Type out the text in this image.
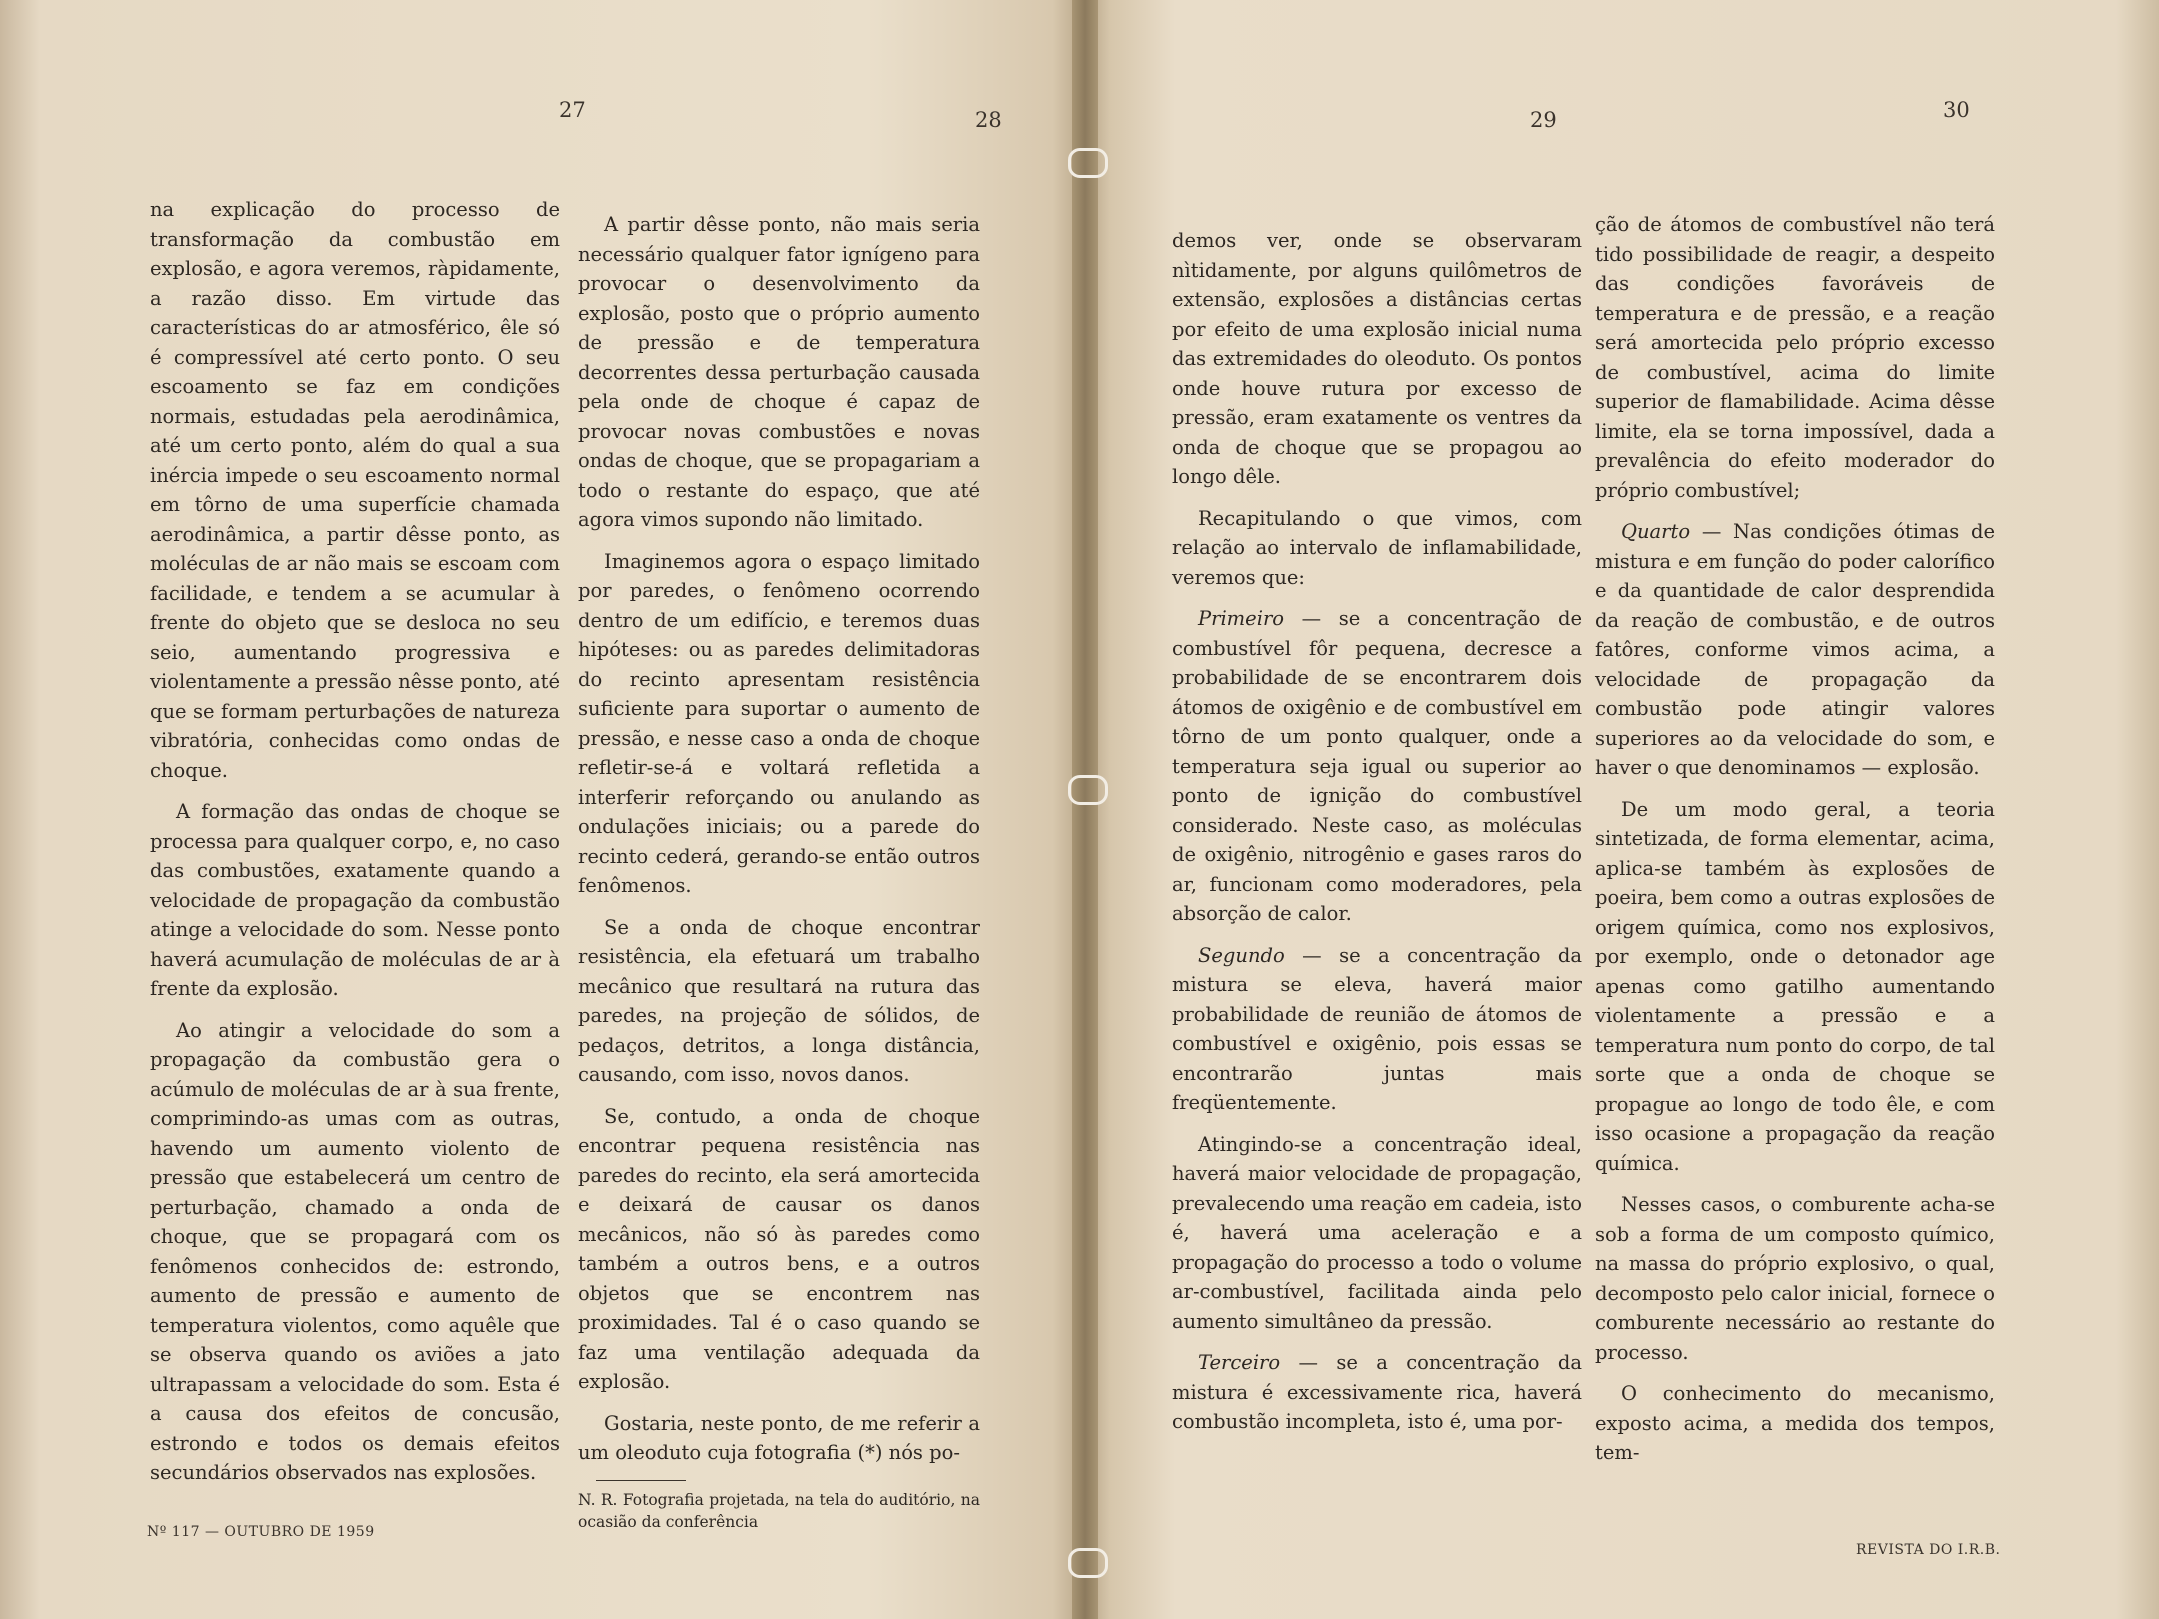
27	28	29	30

na explicação do processo de transformação da combustão em explosão, e agora veremos, ràpidamente, a razão disso. Em virtude das características do ar atmosférico, êle só é compressível até certo ponto. O seu escoamento se faz em condições normais, estudadas pela aerodinâmica, até um certo ponto, além do qual a sua inércia impede o seu escoamento normal em tôrno de uma superfície chamada aerodinâmica, a partir dêsse ponto, as moléculas de ar não mais se escoam com facilidade, e tendem a se acumular à frente do objeto que se desloca no seu seio, aumentando progressiva e violentamente a pressão nêsse ponto, até que se formam perturbações de natureza vibratória, conhecidas como ondas de choque.

A formação das ondas de choque se processa para qualquer corpo, e, no caso das combustões, exatamente quando a velocidade de propagação da combustão atinge a velocidade do som. Nesse ponto haverá acumulação de moléculas de ar à frente da explosão.

Ao atingir a velocidade do som a propagação da combustão gera o acúmulo de moléculas de ar à sua frente, comprimindo-as umas com as outras, havendo um aumento violento de pressão que estabelecerá um centro de perturbação, chamado a onda de choque, que se propagará com os fenômenos conhecidos de: estrondo, aumento de pressão e aumento de temperatura violentos, como aquêle que se observa quando os aviões a jato ultrapassam a velocidade do som. Esta é a causa dos efeitos de concusão, estrondo e todos os demais efeitos secundários observados nas explosões.

A partir dêsse ponto, não mais seria necessário qualquer fator ignígeno para provocar o desenvolvimento da explosão, posto que o próprio aumento de pressão e de temperatura decorrentes dessa perturbação causada pela onde de choque é capaz de provocar novas combustões e novas ondas de choque, que se propagariam a todo o restante do espaço, que até agora vimos supondo não limitado.

Imaginemos agora o espaço limitado por paredes, o fenômeno ocorrendo dentro de um edifício, e teremos duas hipóteses: ou as paredes delimitadoras do recinto apresentam resistência suficiente para suportar o aumento de pressão, e nesse caso a onda de choque refletir-se-á e voltará refletida a interferir reforçando ou anulando as ondulações iniciais; ou a parede do recinto cederá, gerando-se então outros fenômenos.

Se a onda de choque encontrar resistência, ela efetuará um trabalho mecânico que resultará na rutura das paredes, na projeção de sólidos, de pedaços, detritos, a longa distância, causando, com isso, novos danos.

Se, contudo, a onda de choque encontrar pequena resistência nas paredes do recinto, ela será amortecida e deixará de causar os danos mecânicos, não só às paredes como também a outros bens, e a outros objetos que se encontrem nas proximidades. Tal é o caso quando se faz uma ventilação adequada da explosão.

Gostaria, neste ponto, de me referir a um oleoduto cuja fotografia (*) nós po-

N. R. Fotografia projetada, na tela do auditório, na ocasião da conferência

demos ver, onde se observaram nìtidamente, por alguns quilômetros de extensão, explosões a distâncias certas por efeito de uma explosão inicial numa das extremidades do oleoduto. Os pontos onde houve rutura por excesso de pressão, eram exatamente os ventres da onda de choque que se propagou ao longo dêle.

Recapitulando o que vimos, com relação ao intervalo de inflamabilidade, veremos que:

Primeiro — se a concentração de combustível fôr pequena, decresce a probabilidade de se encontrarem dois átomos de oxigênio e de combustível em tôrno de um ponto qualquer, onde a temperatura seja igual ou superior ao ponto de ignição do combustível considerado. Neste caso, as moléculas de oxigênio, nitrogênio e gases raros do ar, funcionam como moderadores, pela absorção de calor.

Segundo — se a concentração da mistura se eleva, haverá maior probabilidade de reunião de átomos de combustível e oxigênio, pois essas se encontrarão juntas mais freqüentemente.

Atingindo-se a concentração ideal, haverá maior velocidade de propagação, prevalecendo uma reação em cadeia, isto é, haverá uma aceleração e a propagação do processo a todo o volume ar-combustível, facilitada ainda pelo aumento simultâneo da pressão.

Terceiro — se a concentração da mistura é excessivamente rica, haverá combustão incompleta, isto é, uma por-

ção de átomos de combustível não terá tido possibilidade de reagir, a despeito das condições favoráveis de temperatura e de pressão, e a reação será amortecida pelo próprio excesso de combustível, acima do limite superior de flamabilidade. Acima dêsse limite, ela se torna impossível, dada a prevalência do efeito moderador do próprio combustível;

Quarto — Nas condições ótimas de mistura e em função do poder calorífico e da quantidade de calor desprendida da reação de combustão, e de outros fatôres, conforme vimos acima, a velocidade de propagação da combustão pode atingir valores superiores ao da velocidade do som, e haver o que denominamos — explosão.

De um modo geral, a teoria sintetizada, de forma elementar, acima, aplica-se também às explosões de poeira, bem como a outras explosões de origem química, como nos explosivos, por exemplo, onde o detonador age apenas como gatilho aumentando violentamente a pressão e a temperatura num ponto do corpo, de tal sorte que a onda de choque se propague ao longo de todo êle, e com isso ocasione a propagação da reação química.

Nesses casos, o comburente acha-se sob a forma de um composto químico, na massa do próprio explosivo, o qual, decomposto pelo calor inicial, fornece o comburente necessário ao restante do processo.

O conhecimento do mecanismo, exposto acima, a medida dos tempos, tem-

Nº 117 — OUTUBRO DE 1959
REVISTA DO I.R.B.
